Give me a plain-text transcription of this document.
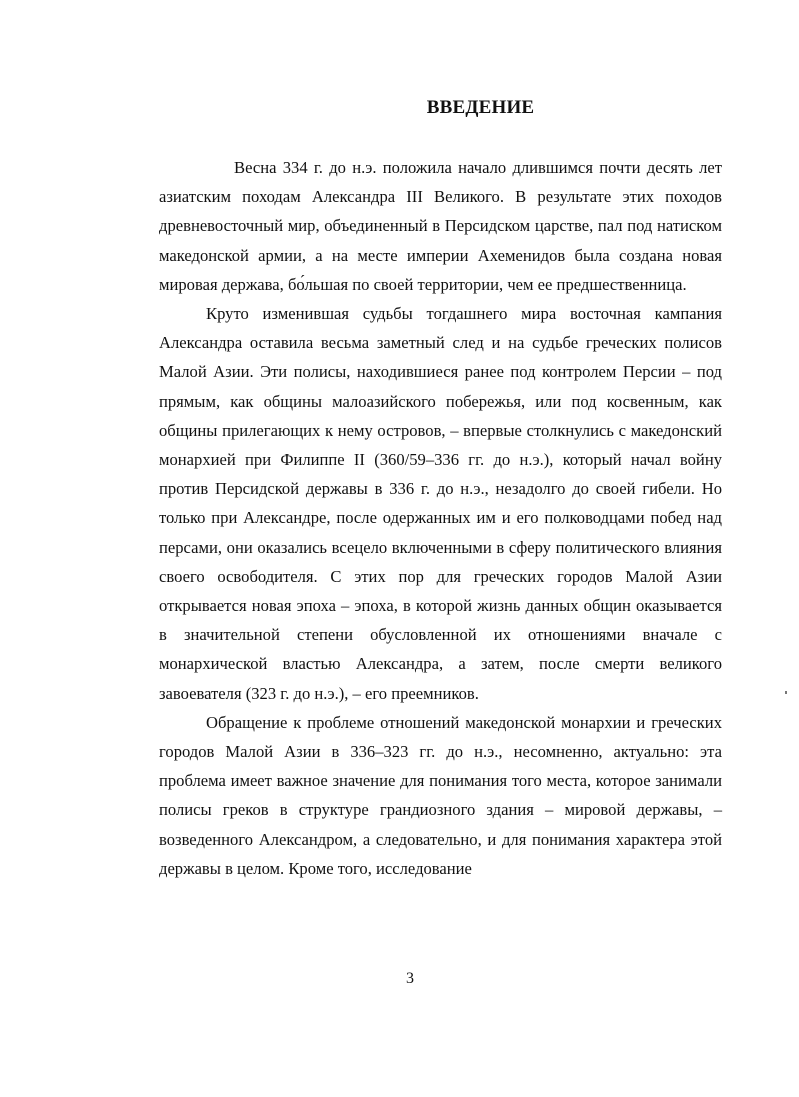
ВВЕДЕНИЕ

Весна 334 г. до н.э. положила начало длившимся почти десять лет азиатским походам Александра III Великого. В результате этих походов древневосточный мир, объединенный в Персидском царстве, пал под натиском македонской армии, а на месте империи Ахеменидов была создана новая мировая держава, бо́льшая по своей территории, чем ее предшественница.

Круто изменившая судьбы тогдашнего мира восточная кампания Александра оставила весьма заметный след и на судьбе греческих полисов Малой Азии. Эти полисы, находившиеся ранее под контролем Персии – под прямым, как общины малоазийского побережья, или под косвенным, как общины прилегающих к нему островов, – впервые столкнулись с македонский монархией при Филиппе II (360/59–336 гг. до н.э.), который начал войну против Персидской державы в 336 г. до н.э., незадолго до своей гибели. Но только при Александре, после одержанных им и его полководцами побед над персами, они оказались всецело включенными в сферу политического влияния своего освободителя. С этих пор для греческих городов Малой Азии открывается новая эпоха – эпоха, в которой жизнь данных общин оказывается в значительной степени обусловленной их отношениями вначале с монархической властью Александра, а затем, после смерти великого завоевателя (323 г. до н.э.), – его преемников.

Обращение к проблеме отношений македонской монархии и греческих городов Малой Азии в 336–323 гг. до н.э., несомненно, актуально: эта проблема имеет важное значение для понимания того места, которое занимали полисы греков в структуре грандиозного здания – мировой державы, – возведенного Александром, а следовательно, и для понимания характера этой державы в целом. Кроме того, исследование

3
